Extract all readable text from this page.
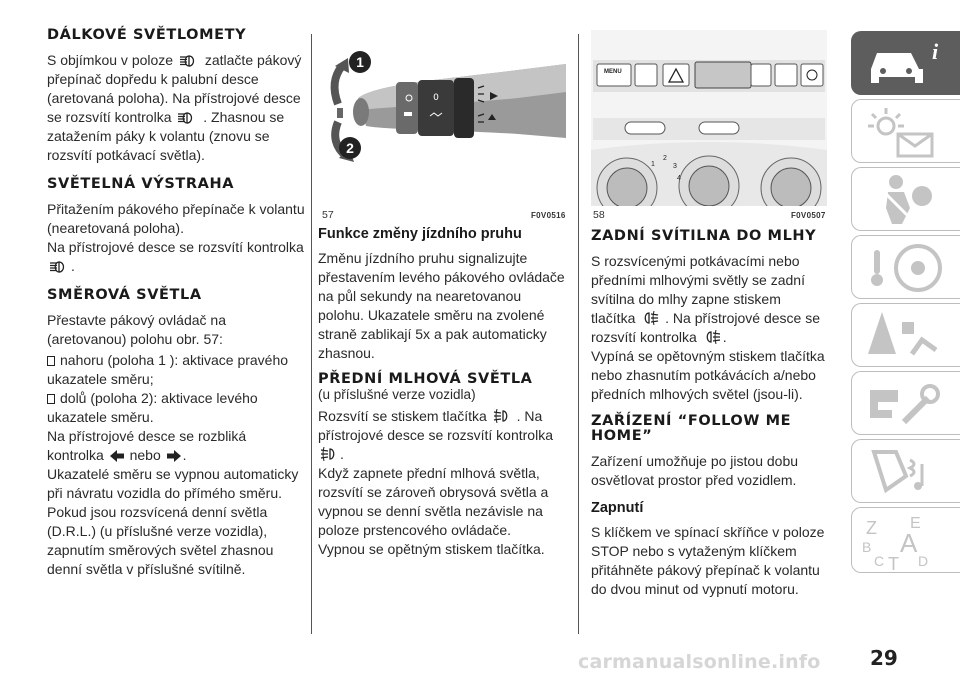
DÁLKOVÉ SVĚTLOMETY

S objímkou v poloze zatlačte pákový přepínač dopředu k palubní desce (aretovaná poloha). Na přístrojové desce se rozsvítí kontrolka . Zhasnou se zatažením páky k volantu (znovu se rozsvítí potkávací světla).

SVĚTELNÁ VÝSTRAHA

Přitažením pákového přepínače k volantu (nearetovaná poloha).

Na přístrojové desce se rozsvítí kontrolka .

SMĚROVÁ SVĚTLA

Přestavte pákový ovládač na (aretovanou) polohu obr. 57:

nahoru (poloha 1 ): aktivace pravého ukazatele směru;

dolů (poloha 2): aktivace levého ukazatele směru.

Na přístrojové desce se rozbliká kontrolka nebo .

Ukazatelé směru se vypnou automaticky při návratu vozidla do přímého směru.

Pokud jsou rozsvícená denní světla (D.R.L.) (u příslušné verze vozidla), zapnutím směrových světel zhasnou denní světla v příslušné svítilně.

1
2
0
57	F0V0516
Funkce změny jízdního pruhu

Změnu jízdního pruhu signalizujte přestavením levého pákového ovládače na půl sekundy na nearetovanou polohu. Ukazatele směru na zvolené straně zablikají 5x a pak automaticky zhasnou.

PŘEDNÍ MLHOVÁ SVĚTLA

(u příslušné verze vozidla)

Rozsvítí se stiskem tlačítka . Na přístrojové desce se rozsvítí kontrolka .

Když zapnete přední mlhová světla, rozsvítí se zároveň obrysová světla a vypnou se denní světla nezávisle na poloze prstencového ovládače.

Vypnou se opětným stiskem tlačítka.

MENU
1
2
3
4
58	F0V0507
ZADNÍ SVÍTILNA DO MLHY

S rozsvícenými potkávacími nebo předními mlhovými světly se zadní svítilna do mlhy zapne stiskem tlačítka . Na přístrojové desce se rozsvítí kontrolka .

Vypíná se opětovným stiskem tlačítka nebo zhasnutím potkávácích a/nebo předních mlhových světel (jsou-li).

ZAŘÍZENÍ “FOLLOW ME HOME”

Zařízení umožňuje po jistou dobu osvětlovat prostor před vozidlem.

Zapnutí

S klíčkem ve spínací skříňce v poloze STOP nebo s vytaženým klíčkem přitáhněte pákový přepínač k volantu do dvou minut od vypnutí motoru.

i
Z E
B A
C T D
29
carmanualsonline.info
